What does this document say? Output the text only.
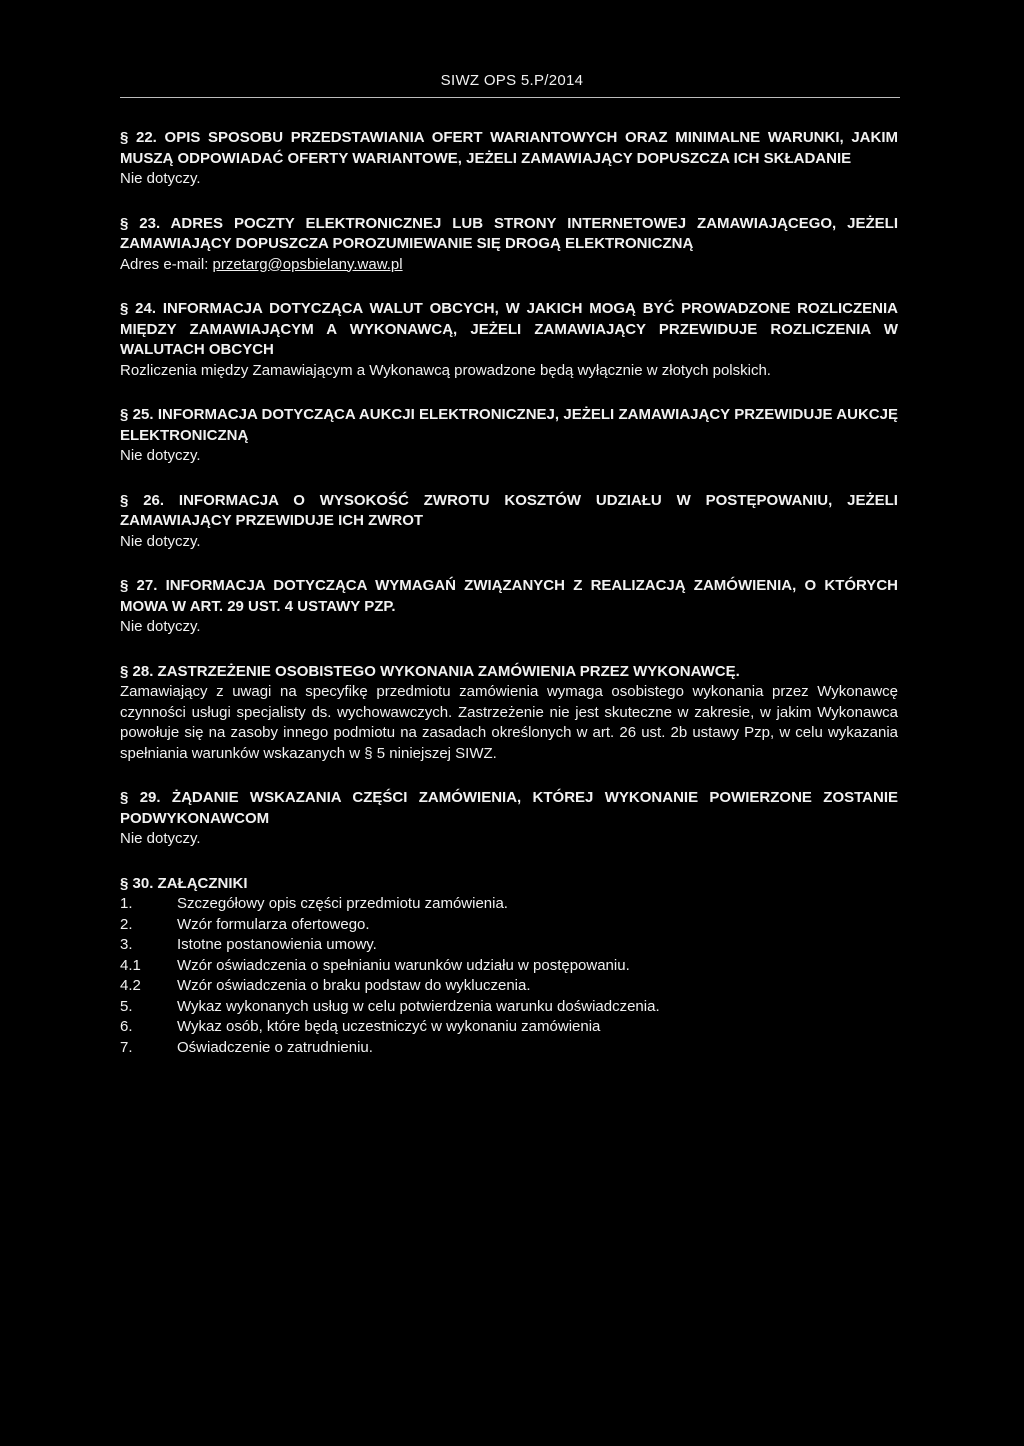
SIWZ OPS 5.P/2014
§ 22. OPIS SPOSOBU PRZEDSTAWIANIA OFERT WARIANTOWYCH ORAZ MINIMALNE WARUNKI, JAKIM MUSZĄ ODPOWIADAĆ OFERTY WARIANTOWE, JEŻELI ZAMAWIAJĄCY DOPUSZCZA ICH SKŁADANIE
Nie dotyczy.
§ 23. ADRES POCZTY ELEKTRONICZNEJ LUB STRONY INTERNETOWEJ ZAMAWIAJĄCEGO, JEŻELI ZAMAWIAJĄCY DOPUSZCZA POROZUMIEWANIE SIĘ DROGĄ ELEKTRONICZNĄ
Adres e-mail: przetarg@opsbielany.waw.pl
§ 24. INFORMACJA DOTYCZĄCA WALUT OBCYCH, W JAKICH MOGĄ BYĆ PROWADZONE ROZLICZENIA MIĘDZY ZAMAWIAJĄCYM A WYKONAWCĄ, JEŻELI ZAMAWIAJĄCY PRZEWIDUJE ROZLICZENIA W WALUTACH OBCYCH
Rozliczenia między Zamawiającym a Wykonawcą prowadzone będą wyłącznie w złotych polskich.
§ 25. INFORMACJA DOTYCZĄCA AUKCJI ELEKTRONICZNEJ, JEŻELI ZAMAWIAJĄCY PRZEWIDUJE AUKCJĘ ELEKTRONICZNĄ
Nie dotyczy.
§ 26. INFORMACJA O WYSOKOŚĆ ZWROTU KOSZTÓW UDZIAŁU W POSTĘPOWANIU, JEŻELI ZAMAWIAJĄCY PRZEWIDUJE ICH ZWROT
Nie dotyczy.
§ 27. INFORMACJA DOTYCZĄCA WYMAGAŃ ZWIĄZANYCH Z REALIZACJĄ ZAMÓWIENIA, O KTÓRYCH MOWA W ART. 29 UST. 4 USTAWY PZP.
Nie dotyczy.
§ 28. ZASTRZEŻENIE OSOBISTEGO WYKONANIA ZAMÓWIENIA PRZEZ WYKONAWCĘ.
Zamawiający z uwagi na specyfikę przedmiotu zamówienia wymaga osobistego wykonania przez Wykonawcę czynności usługi specjalisty ds. wychowawczych. Zastrzeżenie nie jest skuteczne w zakresie, w jakim Wykonawca powołuje się na zasoby innego podmiotu na zasadach określonych w art. 26 ust. 2b ustawy Pzp, w celu wykazania spełniania warunków wskazanych w § 5 niniejszej SIWZ.
§ 29. ŻĄDANIE WSKAZANIA CZĘŚCI ZAMÓWIENIA, KTÓREJ WYKONANIE POWIERZONE ZOSTANIE PODWYKONAWCOM
Nie dotyczy.
§ 30. ZAŁĄCZNIKI
1.	Szczegółowy opis części przedmiotu zamówienia.
2.	Wzór formularza ofertowego.
3.	Istotne postanowienia umowy.
4.1	Wzór oświadczenia o spełnianiu warunków udziału w postępowaniu.
4.2	Wzór oświadczenia o braku podstaw do wykluczenia.
5.	Wykaz wykonanych usług w celu potwierdzenia warunku doświadczenia.
6.	Wykaz osób, które będą uczestniczyć w wykonaniu zamówienia
7.	Oświadczenie o zatrudnieniu.
